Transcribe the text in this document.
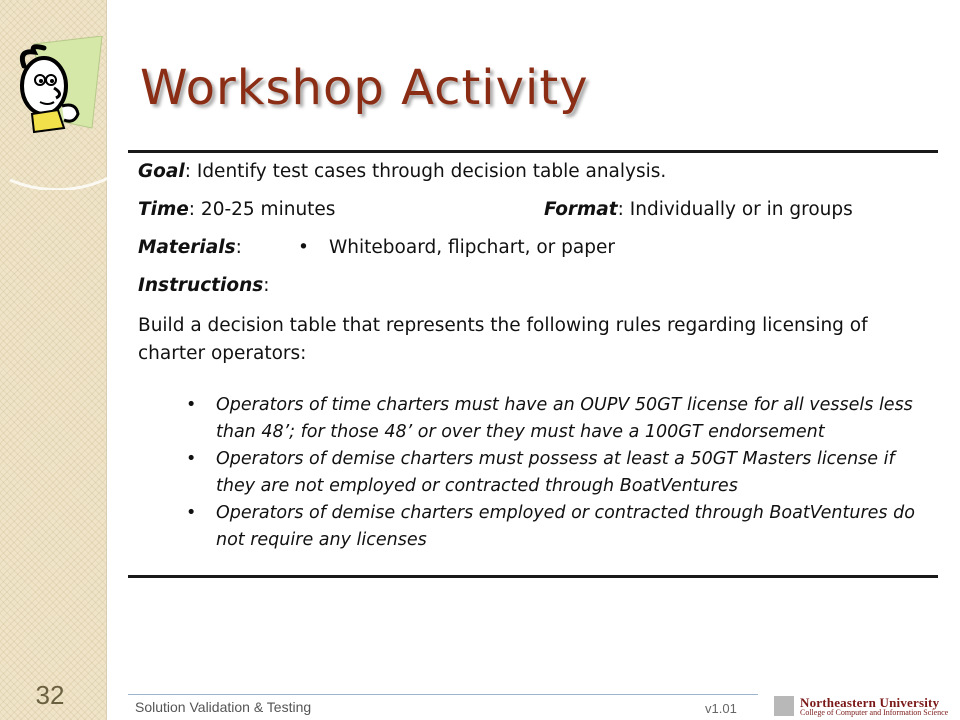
32
Workshop Activity
Goal: Identify test cases through decision table analysis.
Time: 20-25 minutes	Format: Individually or in groups
Materials:	• Whiteboard, flipchart, or paper
Instructions:
Build a decision table that represents the following rules regarding licensing of charter operators:
• Operators of time charters must have an OUPV 50GT license for all vessels less than 48’; for those 48’ or over they must have a 100GT endorsement
• Operators of demise charters must possess at least a 50GT Masters license if they are not employed or contracted through BoatVentures
• Operators of demise charters employed or contracted through BoatVentures do not require any licenses
Solution Validation & Testing	v1.01	Northeastern University
College of Computer and Information Science
